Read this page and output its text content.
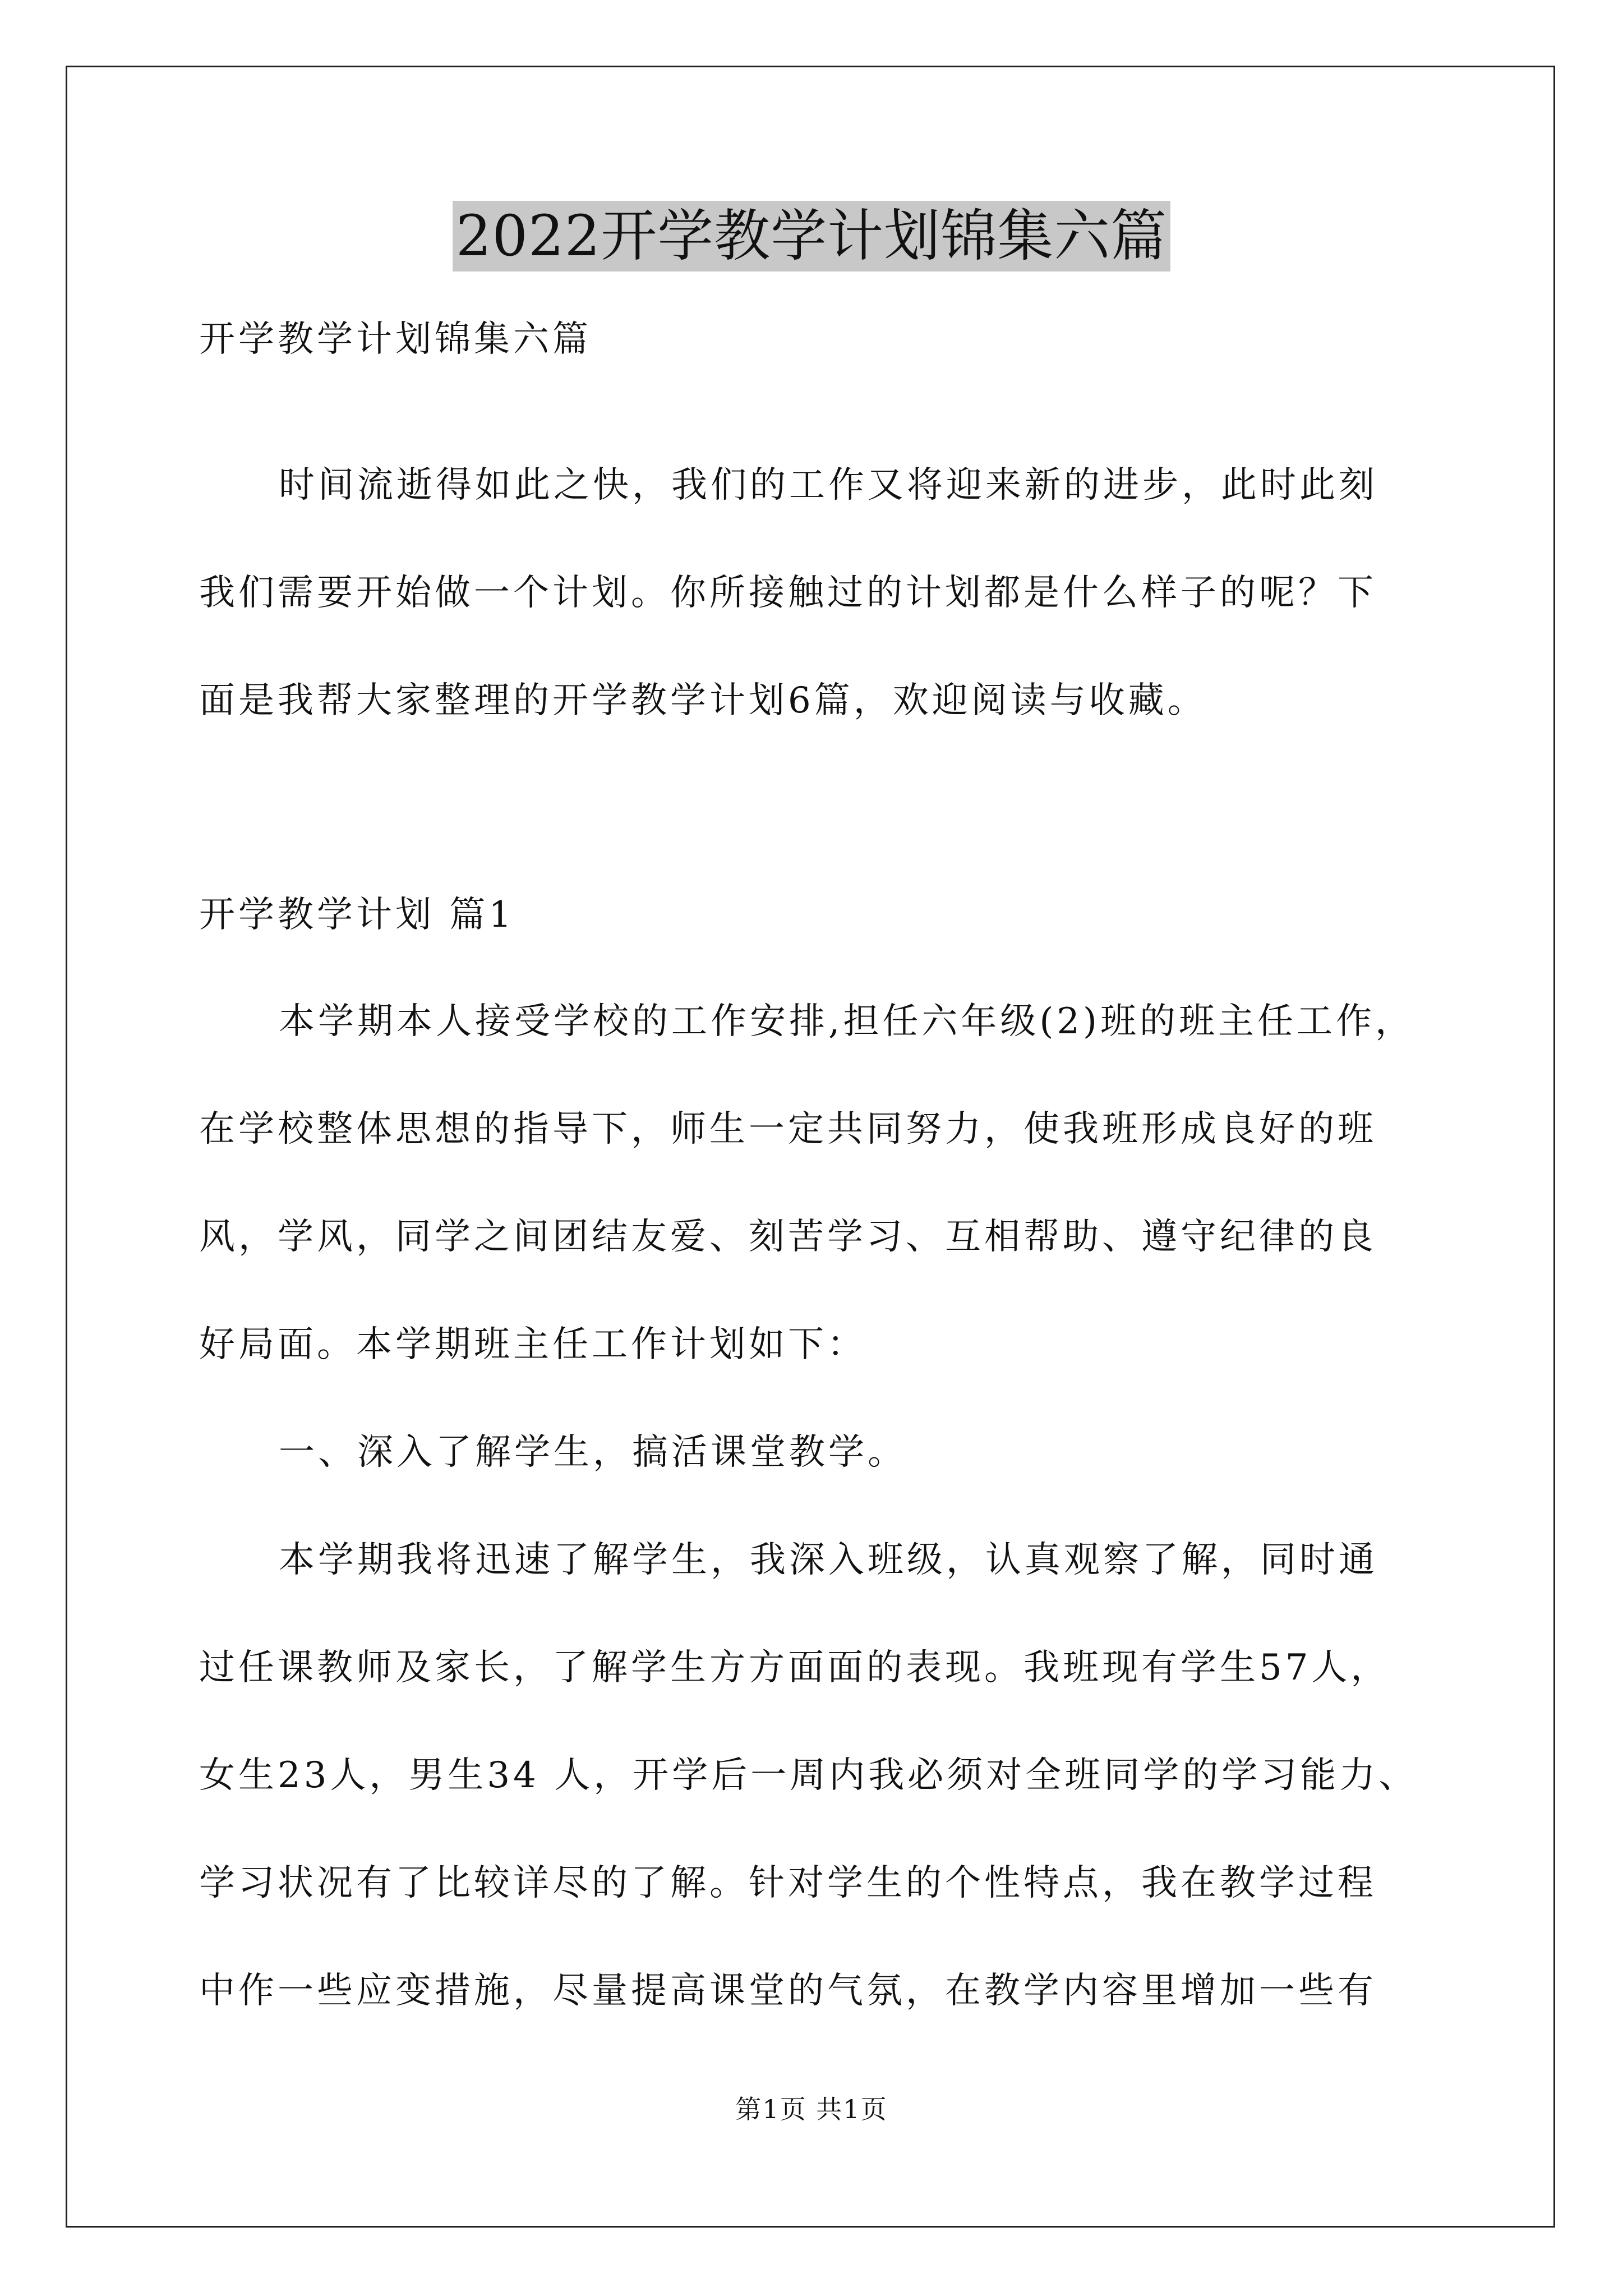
2022开学教学计划锦集六篇
开学教学计划锦集六篇
时间流逝得如此之快，我们的工作又将迎来新的进步，此时此刻
我们需要开始做一个计划。你所接触过的计划都是什么样子的呢？下
面是我帮大家整理的开学教学计划6篇，欢迎阅读与收藏。
开学教学计划 篇1
本学期本人接受学校的工作安排,担任六年级(2)班的班主任工作，
在学校整体思想的指导下，师生一定共同努力，使我班形成良好的班
风，学风，同学之间团结友爱、刻苦学习、互相帮助、遵守纪律的良
好局面。本学期班主任工作计划如下：
一、深入了解学生，搞活课堂教学。
本学期我将迅速了解学生，我深入班级，认真观察了解，同时通
过任课教师及家长，了解学生方方面面的表现。我班现有学生57人，
女生23人，男生34 人，开学后一周内我必须对全班同学的学习能力、
学习状况有了比较详尽的了解。针对学生的个性特点，我在教学过程
中作一些应变措施，尽量提高课堂的气氛，在教学内容里增加一些有
第1页 共1页
